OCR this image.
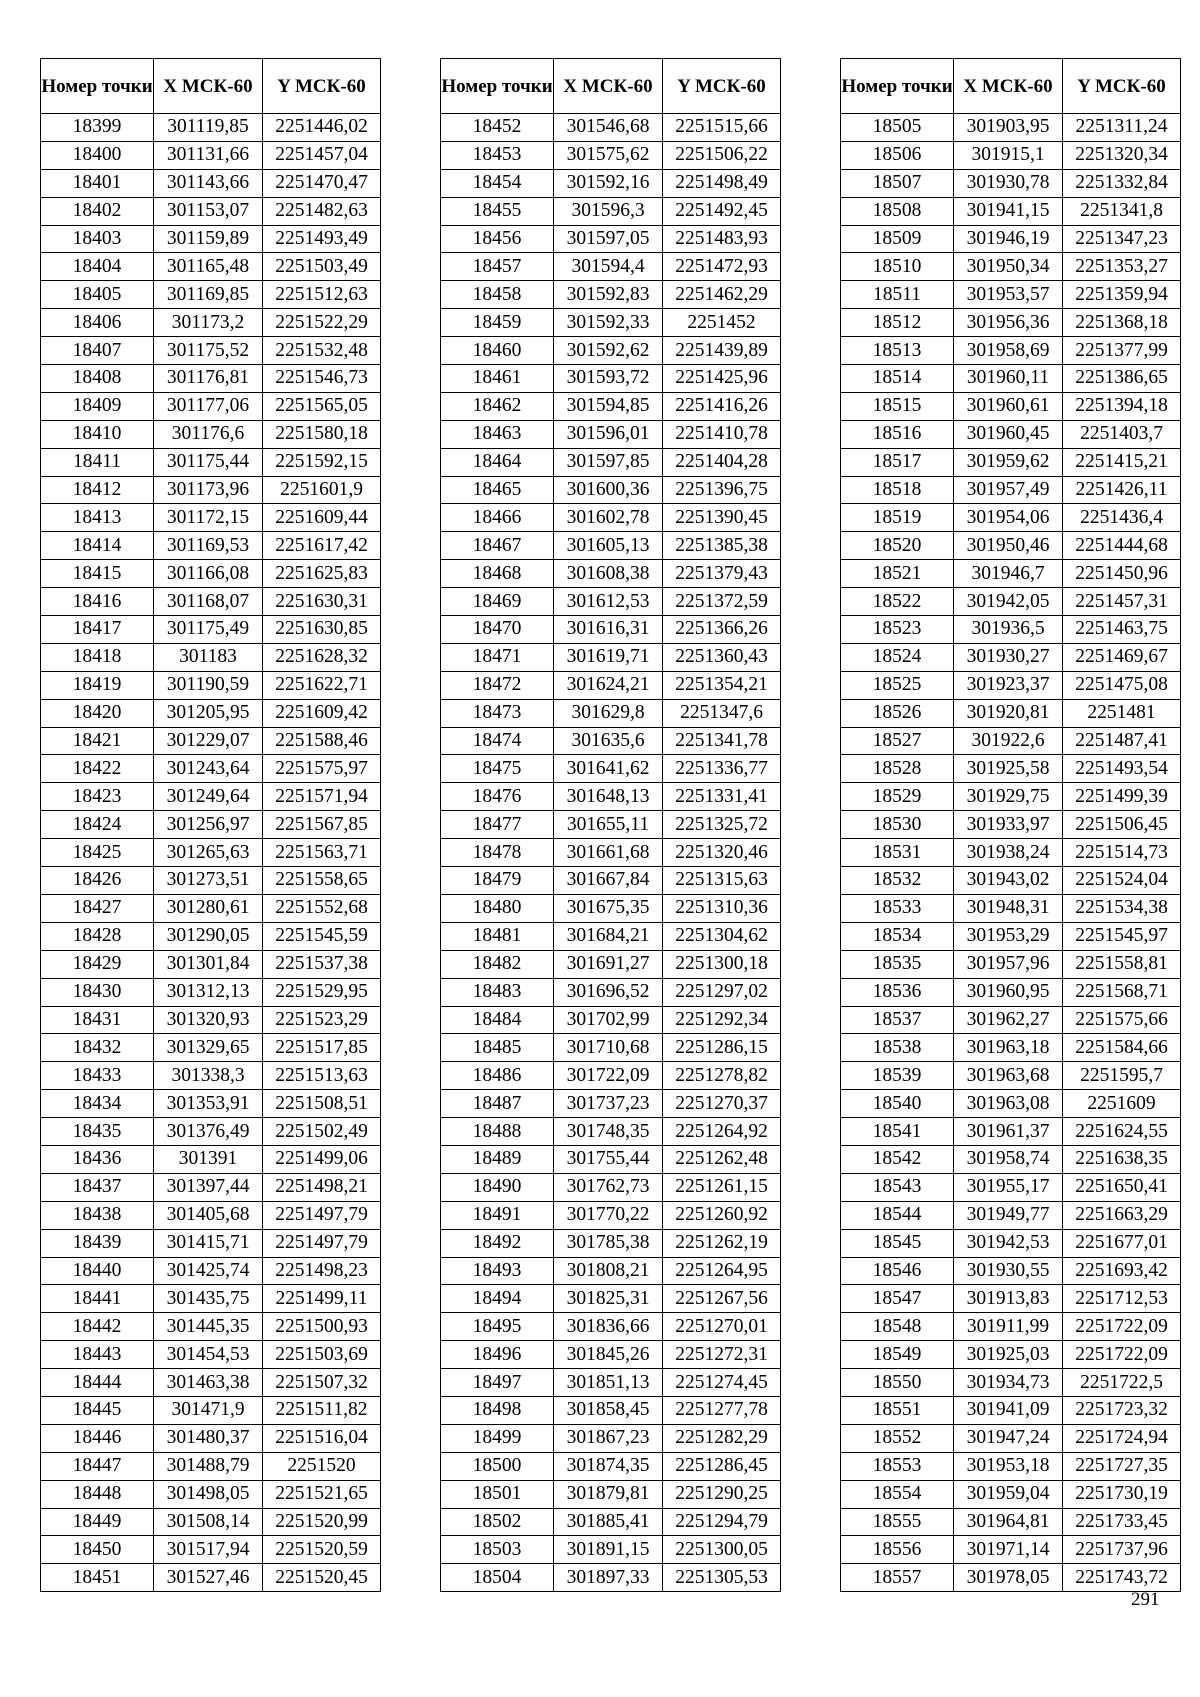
Номер точки	X МСК-60	Y МСК-60
18399	301119,85	2251446,02
18400	301131,66	2251457,04
18401	301143,66	2251470,47
18402	301153,07	2251482,63
18403	301159,89	2251493,49
18404	301165,48	2251503,49
18405	301169,85	2251512,63
18406	301173,2	2251522,29
18407	301175,52	2251532,48
18408	301176,81	2251546,73
18409	301177,06	2251565,05
18410	301176,6	2251580,18
18411	301175,44	2251592,15
18412	301173,96	2251601,9
18413	301172,15	2251609,44
18414	301169,53	2251617,42
18415	301166,08	2251625,83
18416	301168,07	2251630,31
18417	301175,49	2251630,85
18418	301183	2251628,32
18419	301190,59	2251622,71
18420	301205,95	2251609,42
18421	301229,07	2251588,46
18422	301243,64	2251575,97
18423	301249,64	2251571,94
18424	301256,97	2251567,85
18425	301265,63	2251563,71
18426	301273,51	2251558,65
18427	301280,61	2251552,68
18428	301290,05	2251545,59
18429	301301,84	2251537,38
18430	301312,13	2251529,95
18431	301320,93	2251523,29
18432	301329,65	2251517,85
18433	301338,3	2251513,63
18434	301353,91	2251508,51
18435	301376,49	2251502,49
18436	301391	2251499,06
18437	301397,44	2251498,21
18438	301405,68	2251497,79
18439	301415,71	2251497,79
18440	301425,74	2251498,23
18441	301435,75	2251499,11
18442	301445,35	2251500,93
18443	301454,53	2251503,69
18444	301463,38	2251507,32
18445	301471,9	2251511,82
18446	301480,37	2251516,04
18447	301488,79	2251520
18448	301498,05	2251521,65
18449	301508,14	2251520,99
18450	301517,94	2251520,59
18451	301527,46	2251520,45
Номер точки	X МСК-60	Y МСК-60
18452	301546,68	2251515,66
18453	301575,62	2251506,22
18454	301592,16	2251498,49
18455	301596,3	2251492,45
18456	301597,05	2251483,93
18457	301594,4	2251472,93
18458	301592,83	2251462,29
18459	301592,33	2251452
18460	301592,62	2251439,89
18461	301593,72	2251425,96
18462	301594,85	2251416,26
18463	301596,01	2251410,78
18464	301597,85	2251404,28
18465	301600,36	2251396,75
18466	301602,78	2251390,45
18467	301605,13	2251385,38
18468	301608,38	2251379,43
18469	301612,53	2251372,59
18470	301616,31	2251366,26
18471	301619,71	2251360,43
18472	301624,21	2251354,21
18473	301629,8	2251347,6
18474	301635,6	2251341,78
18475	301641,62	2251336,77
18476	301648,13	2251331,41
18477	301655,11	2251325,72
18478	301661,68	2251320,46
18479	301667,84	2251315,63
18480	301675,35	2251310,36
18481	301684,21	2251304,62
18482	301691,27	2251300,18
18483	301696,52	2251297,02
18484	301702,99	2251292,34
18485	301710,68	2251286,15
18486	301722,09	2251278,82
18487	301737,23	2251270,37
18488	301748,35	2251264,92
18489	301755,44	2251262,48
18490	301762,73	2251261,15
18491	301770,22	2251260,92
18492	301785,38	2251262,19
18493	301808,21	2251264,95
18494	301825,31	2251267,56
18495	301836,66	2251270,01
18496	301845,26	2251272,31
18497	301851,13	2251274,45
18498	301858,45	2251277,78
18499	301867,23	2251282,29
18500	301874,35	2251286,45
18501	301879,81	2251290,25
18502	301885,41	2251294,79
18503	301891,15	2251300,05
18504	301897,33	2251305,53
Номер точки	X МСК-60	Y МСК-60
18505	301903,95	2251311,24
18506	301915,1	2251320,34
18507	301930,78	2251332,84
18508	301941,15	2251341,8
18509	301946,19	2251347,23
18510	301950,34	2251353,27
18511	301953,57	2251359,94
18512	301956,36	2251368,18
18513	301958,69	2251377,99
18514	301960,11	2251386,65
18515	301960,61	2251394,18
18516	301960,45	2251403,7
18517	301959,62	2251415,21
18518	301957,49	2251426,11
18519	301954,06	2251436,4
18520	301950,46	2251444,68
18521	301946,7	2251450,96
18522	301942,05	2251457,31
18523	301936,5	2251463,75
18524	301930,27	2251469,67
18525	301923,37	2251475,08
18526	301920,81	2251481
18527	301922,6	2251487,41
18528	301925,58	2251493,54
18529	301929,75	2251499,39
18530	301933,97	2251506,45
18531	301938,24	2251514,73
18532	301943,02	2251524,04
18533	301948,31	2251534,38
18534	301953,29	2251545,97
18535	301957,96	2251558,81
18536	301960,95	2251568,71
18537	301962,27	2251575,66
18538	301963,18	2251584,66
18539	301963,68	2251595,7
18540	301963,08	2251609
18541	301961,37	2251624,55
18542	301958,74	2251638,35
18543	301955,17	2251650,41
18544	301949,77	2251663,29
18545	301942,53	2251677,01
18546	301930,55	2251693,42
18547	301913,83	2251712,53
18548	301911,99	2251722,09
18549	301925,03	2251722,09
18550	301934,73	2251722,5
18551	301941,09	2251723,32
18552	301947,24	2251724,94
18553	301953,18	2251727,35
18554	301959,04	2251730,19
18555	301964,81	2251733,45
18556	301971,14	2251737,96
18557	301978,05	2251743,72
291
